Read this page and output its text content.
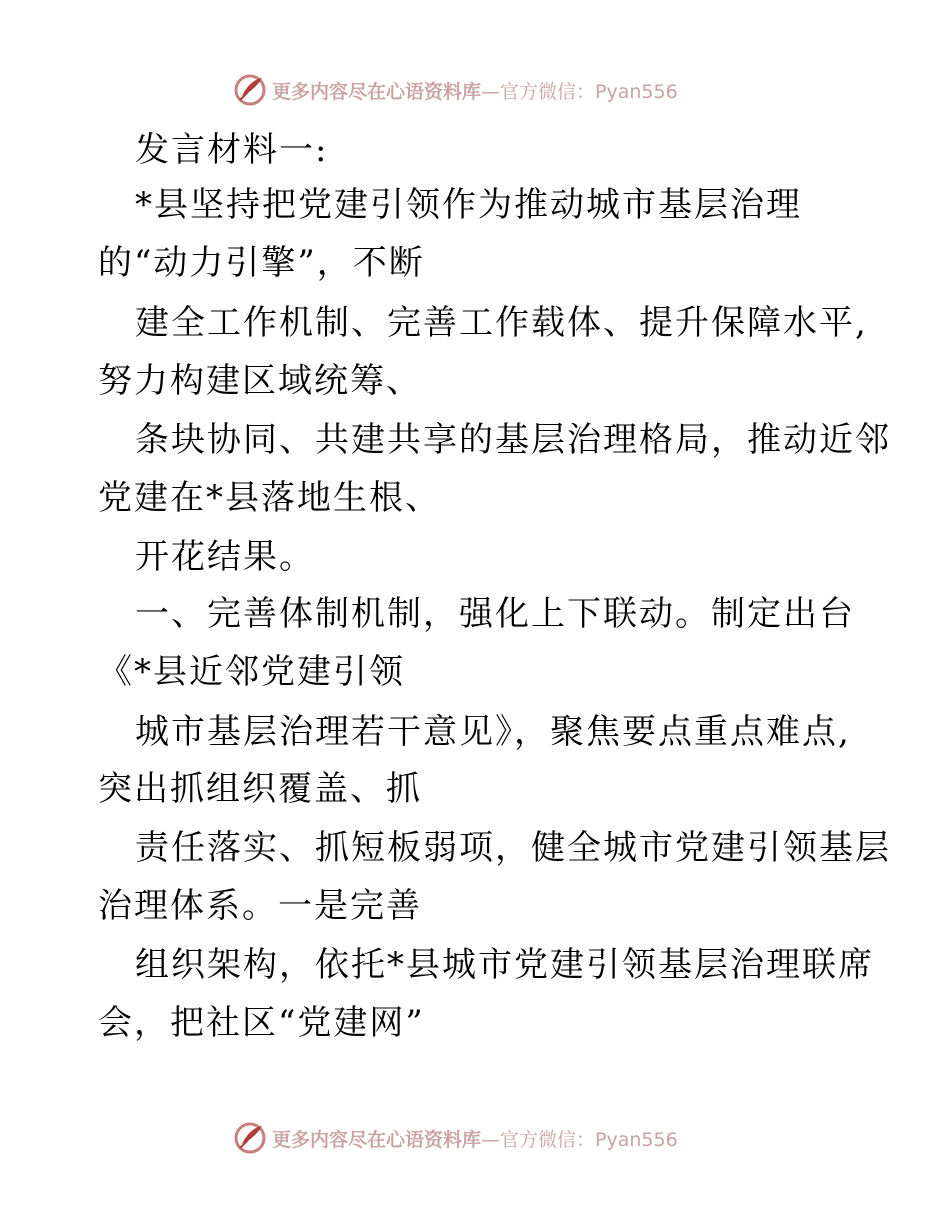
更多内容尽在心语资料库—官方微信：Pyan556

发言材料一:

*县坚持把党建引领作为推动城市基层治理

的“动力引擎”，不断

建全工作机制、完善工作载体、提升保障水平,

努力构建区域统筹、

条块协同、共建共享的基层治理格局，推动近邻

党建在*县落地生根、

开花结果。

一、完善体制机制，强化上下联动。制定出台

《*县近邻党建引领

城市基层治理若干意见》，聚焦要点重点难点,

突出抓组织覆盖、抓

责任落实、抓短板弱项，健全城市党建引领基层

治理体系。一是完善

组织架构，依托*县城市党建引领基层治理联席

会，把社区“党建网”

更多内容尽在心语资料库—官方微信：Pyan556
